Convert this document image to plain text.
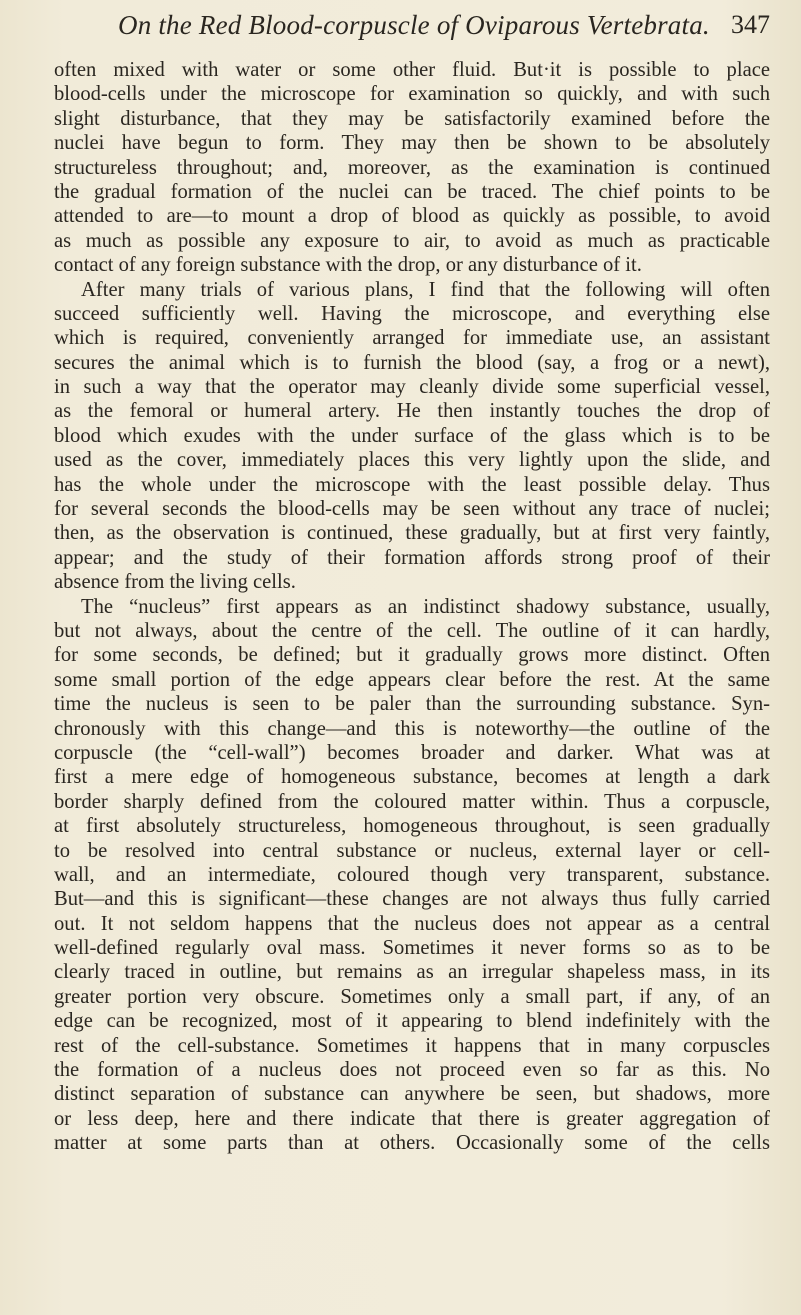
On the Red Blood-corpuscle of Oviparous Vertebrata. 347
often mixed with water or some other fluid. But·it is possible to place
blood-cells under the microscope for examination so quickly, and with such
slight disturbance, that they may be satisfactorily examined before the
nuclei have begun to form. They may then be shown to be absolutely
structureless throughout; and, moreover, as the examination is continued
the gradual formation of the nuclei can be traced. The chief points to be
attended to are—to mount a drop of blood as quickly as possible, to avoid
as much as possible any exposure to air, to avoid as much as practicable
contact of any foreign substance with the drop, or any disturbance of it.
After many trials of various plans, I find that the following will often
succeed sufficiently well. Having the microscope, and everything else
which is required, conveniently arranged for immediate use, an assistant
secures the animal which is to furnish the blood (say, a frog or a newt),
in such a way that the operator may cleanly divide some superficial vessel,
as the femoral or humeral artery. He then instantly touches the drop of
blood which exudes with the under surface of the glass which is to be
used as the cover, immediately places this very lightly upon the slide, and
has the whole under the microscope with the least possible delay. Thus
for several seconds the blood-cells may be seen without any trace of nuclei;
then, as the observation is continued, these gradually, but at first very faintly,
appear; and the study of their formation affords strong proof of their
absence from the living cells.
The “nucleus” first appears as an indistinct shadowy substance, usually,
but not always, about the centre of the cell. The outline of it can hardly,
for some seconds, be defined; but it gradually grows more distinct. Often
some small portion of the edge appears clear before the rest. At the same
time the nucleus is seen to be paler than the surrounding substance. Syn-
chronously with this change—and this is noteworthy—the outline of the
corpuscle (the “cell-wall”) becomes broader and darker. What was at
first a mere edge of homogeneous substance, becomes at length a dark
border sharply defined from the coloured matter within. Thus a corpuscle,
at first absolutely structureless, homogeneous throughout, is seen gradually
to be resolved into central substance or nucleus, external layer or cell-
wall, and an intermediate, coloured though very transparent, substance.
But—and this is significant—these changes are not always thus fully carried
out. It not seldom happens that the nucleus does not appear as a central
well-defined regularly oval mass. Sometimes it never forms so as to be
clearly traced in outline, but remains as an irregular shapeless mass, in its
greater portion very obscure. Sometimes only a small part, if any, of an
edge can be recognized, most of it appearing to blend indefinitely with the
rest of the cell-substance. Sometimes it happens that in many corpuscles
the formation of a nucleus does not proceed even so far as this. No
distinct separation of substance can anywhere be seen, but shadows, more
or less deep, here and there indicate that there is greater aggregation of
matter at some parts than at others. Occasionally some of the cells
